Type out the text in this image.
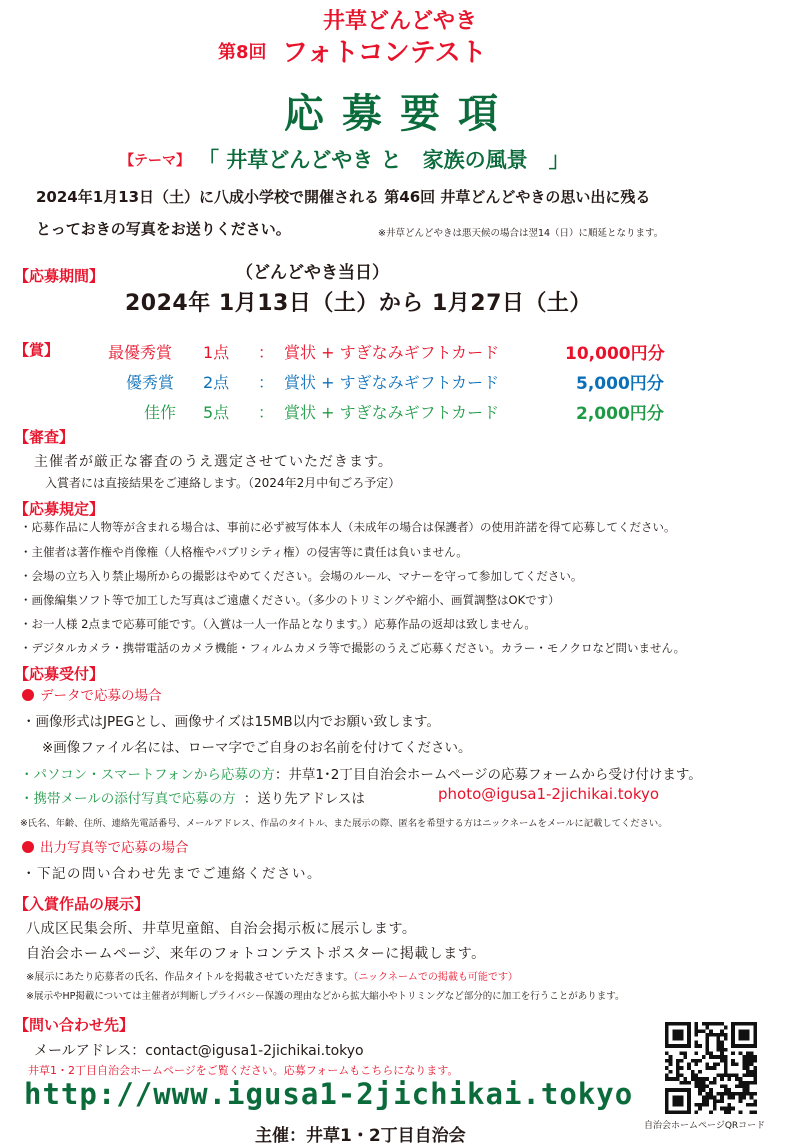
井草どんどやき
第8回 フォトコンテスト
応募要項
【テーマ】 「 井草どんどやき と　家族の風景　」
2024年1月13日（土）に八成小学校で開催される 第46回 井草どんどやきの思い出に残る
とっておきの写真をお送りください。	※井草どんどやきは悪天候の場合は翌14（日）に順延となります。
【応募期間】	（どんどやき当日）
2024年 1月13日（土）から 1月27日（土）
【賞】	最優秀賞 1点 ： 賞状 + すぎなみギフトカード	10,000円分
優秀賞 2点 ： 賞状 + すぎなみギフトカード	5,000円分
佳作 5点 ： 賞状 + すぎなみギフトカード	2,000円分
【審査】
主催者が厳正な審査のうえ選定させていただきます。
入賞者には直接結果をご連絡します。（2024年2月中旬ごろ予定）
【応募規定】
・応募作品に人物等が含まれる場合は、事前に必ず被写体本人（未成年の場合は保護者）の使用許諾を得て応募してください。
・主催者は著作権や肖像権（人格権やパブリシティ権）の侵害等に責任は負いません。
・会場の立ち入り禁止場所からの撮影はやめてください。会場のルール、マナーを守って参加してください。
・画像編集ソフト等で加工した写真はご遠慮ください。（多少のトリミングや縮小、画質調整はOKです）
・お一人様 2点まで応募可能です。（入賞は一人一作品となります。）応募作品の返却は致しません。
・デジタルカメラ・携帯電話のカメラ機能・フィルムカメラ等で撮影のうえご応募ください。カラー・モノクロなど問いません。
【応募受付】
データで応募の場合
・画像形式はJPEGとし、画像サイズは15MB以内でお願い致します。
※画像ファイル名には、ローマ字でご自身のお名前を付けてください。
・パソコン・スマートフォンから応募の方：井草1･2丁目自治会ホームページの応募フォームから受け付けます。
・携帯メールの添付写真で応募の方 ：送り先アドレスは	photo@igusa1-2jichikai.tokyo
※氏名、年齢、住所、連絡先電話番号、メールアドレス、作品のタイトル、また展示の際、匿名を希望する方はニックネームをメールに記載してください。
出力写真等で応募の場合
・下記の問い合わせ先までご連絡ください。
【入賞作品の展示】
八成区民集会所、井草児童館、自治会掲示板に展示します。
自治会ホームページ、来年のフォトコンテストポスターに掲載します。
※展示にあたり応募者の氏名、作品タイトルを掲載させていただきます。（ニックネームでの掲載も可能です）
※展示やHP掲載については主催者が判断しプライバシー保護の理由などから拡大縮小やトリミングなど部分的に加工を行うことがあります。
【問い合わせ先】
メールアドレス：contact@igusa1-2jichikai.tokyo
井草1・2丁目自治会ホームページをご覧ください。応募フォームもこちらになります。
http://www.igusa1-2jichikai.tokyo
主催：井草1・2丁目自治会	自治会ホームページQRコード
